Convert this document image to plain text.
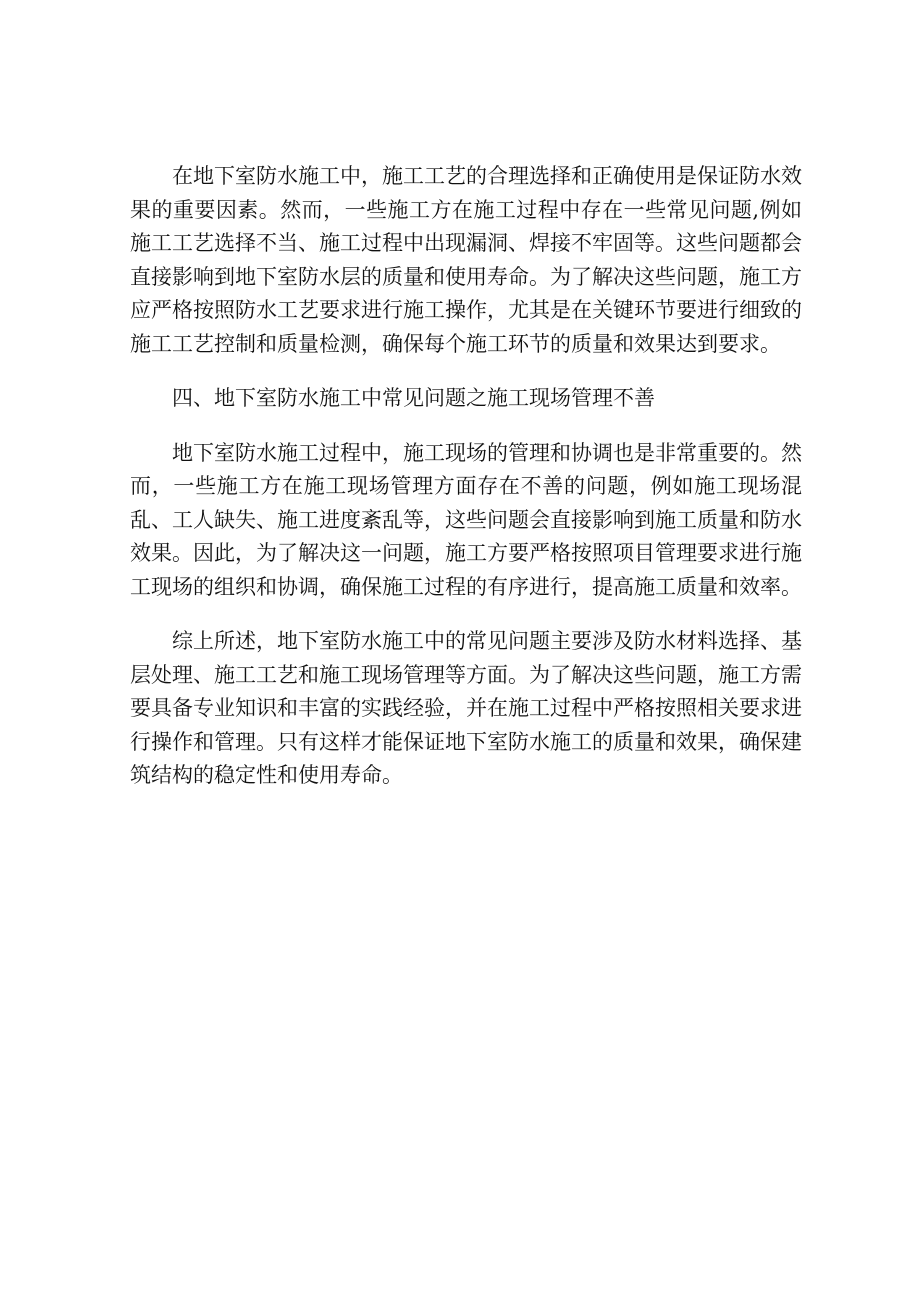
在地下室防水施工中，施工工艺的合理选择和正确使用是保证防水效果的重要因素。然而，一些施工方在施工过程中存在一些常见问题,例如施工工艺选择不当、施工过程中出现漏洞、焊接不牢固等。这些问题都会直接影响到地下室防水层的质量和使用寿命。为了解决这些问题，施工方应严格按照防水工艺要求进行施工操作，尤其是在关键环节要进行细致的施工工艺控制和质量检测，确保每个施工环节的质量和效果达到要求。

四、地下室防水施工中常见问题之施工现场管理不善

地下室防水施工过程中，施工现场的管理和协调也是非常重要的。然而，一些施工方在施工现场管理方面存在不善的问题，例如施工现场混乱、工人缺失、施工进度紊乱等，这些问题会直接影响到施工质量和防水效果。因此，为了解决这一问题，施工方要严格按照项目管理要求进行施工现场的组织和协调，确保施工过程的有序进行，提高施工质量和效率。

综上所述，地下室防水施工中的常见问题主要涉及防水材料选择、基层处理、施工工艺和施工现场管理等方面。为了解决这些问题，施工方需要具备专业知识和丰富的实践经验，并在施工过程中严格按照相关要求进行操作和管理。只有这样才能保证地下室防水施工的质量和效果，确保建筑结构的稳定性和使用寿命。
